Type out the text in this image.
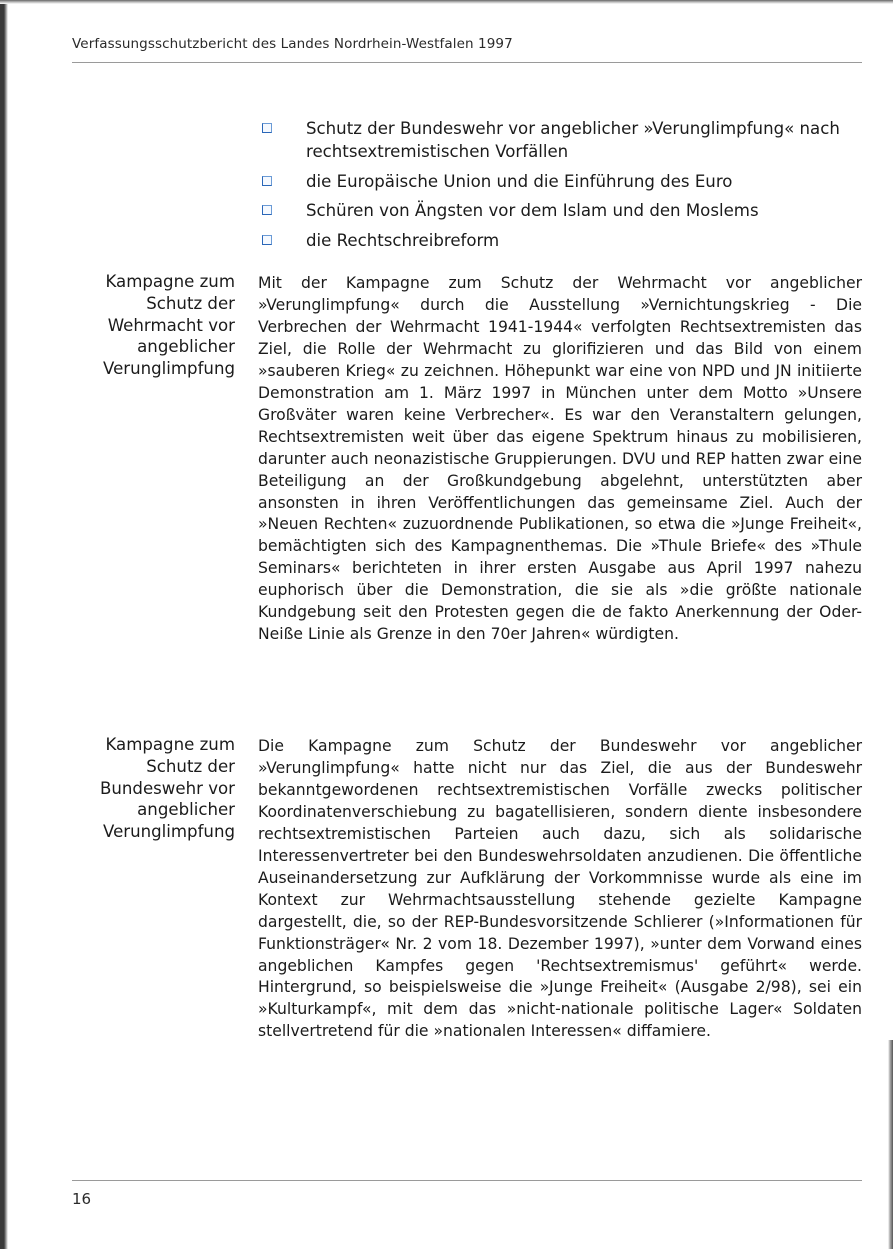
Verfassungsschutzbericht des Landes Nordrhein-Westfalen 1997
Schutz der Bundeswehr vor angeblicher »Verunglimpfung« nach rechtsextremistischen Vorfällen
die Europäische Union und die Einführung des Euro
Schüren von Ängsten vor dem Islam und den Moslems
die Rechtschreibreform
Kampagne zum Schutz der Wehrmacht vor angeblicher Verunglimpfung

Mit der Kampagne zum Schutz der Wehrmacht vor angeblicher »Verunglimpfung« durch die Ausstellung »Vernichtungskrieg - Die Verbrechen der Wehrmacht 1941-1944« verfolgten Rechtsextremisten das Ziel, die Rolle der Wehrmacht zu glorifizieren und das Bild von einem »sauberen Krieg« zu zeichnen. Höhepunkt war eine von NPD und JN initiierte Demonstration am 1. März 1997 in München unter dem Motto »Unsere Großväter waren keine Verbrecher«. Es war den Veranstaltern gelungen, Rechtsextremisten weit über das eigene Spektrum hinaus zu mobilisieren, darunter auch neonazistische Gruppierungen. DVU und REP hatten zwar eine Beteiligung an der Großkundgebung abgelehnt, unterstützten aber ansonsten in ihren Veröffentlichungen das gemeinsame Ziel. Auch der »Neuen Rechten« zuzuordnende Publikationen, so etwa die »Junge Freiheit«, bemächtigten sich des Kampagnenthemas. Die »Thule Briefe« des »Thule Seminars« berichteten in ihrer ersten Ausgabe aus April 1997 nahezu euphorisch über die Demonstration, die sie als »die größte nationale Kundgebung seit den Protesten gegen die de fakto Anerkennung der Oder-Neiße Linie als Grenze in den 70er Jahren« würdigten.

Kampagne zum Schutz der Bundeswehr vor angeblicher Verunglimpfung

Die Kampagne zum Schutz der Bundeswehr vor angeblicher »Verunglimpfung« hatte nicht nur das Ziel, die aus der Bundeswehr bekanntgewordenen rechtsextremistischen Vorfälle zwecks politischer Koordinatenverschiebung zu bagatellisieren, sondern diente insbesondere rechtsextremistischen Parteien auch dazu, sich als solidarische Interessenvertreter bei den Bundeswehrsoldaten anzudienen. Die öffentliche Auseinandersetzung zur Aufklärung der Vorkommnisse wurde als eine im Kontext zur Wehrmachtsausstellung stehende gezielte Kampagne dargestellt, die, so der REP-Bundesvorsitzende Schlierer (»Informationen für Funktionsträger« Nr. 2 vom 18. Dezember 1997), »unter dem Vorwand eines angeblichen Kampfes gegen 'Rechtsextremismus' geführt« werde. Hintergrund, so beispielsweise die »Junge Freiheit« (Ausgabe 2/98), sei ein »Kulturkampf«, mit dem das »nicht-nationale politische Lager« Soldaten stellvertretend für die »nationalen Interessen« diffamiere.

16
